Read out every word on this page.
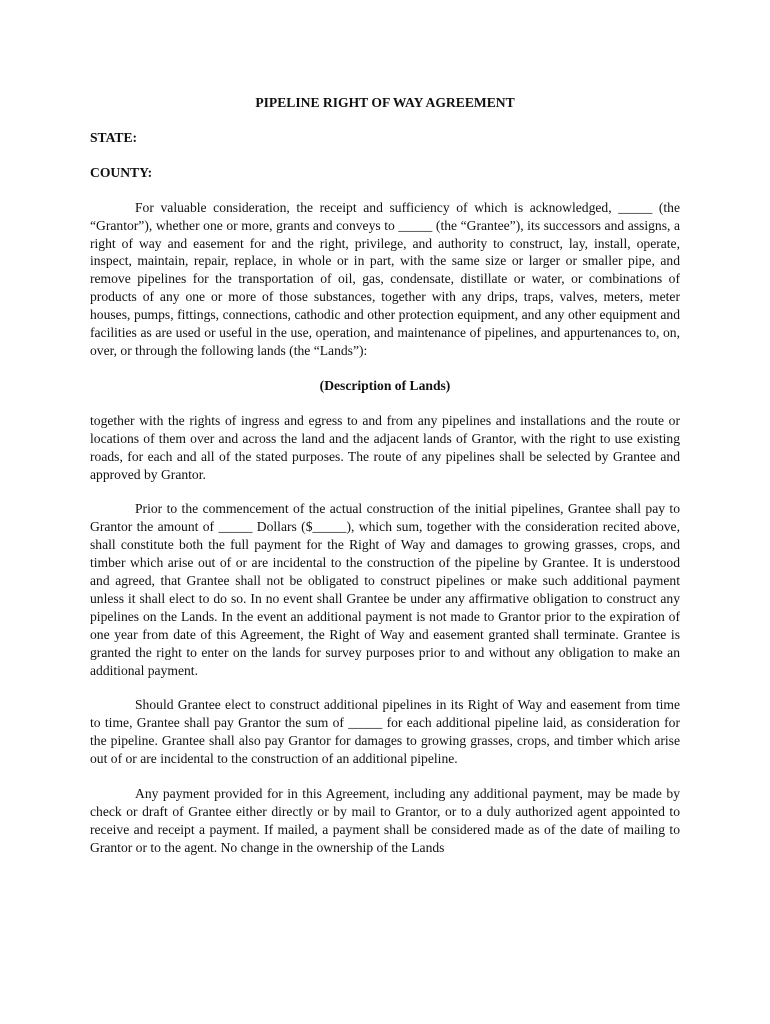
PIPELINE RIGHT OF WAY AGREEMENT
STATE:
COUNTY:

For valuable consideration, the receipt and sufficiency of which is acknowledged, _____ (the “Grantor”), whether one or more, grants and conveys to _____ (the “Grantee”), its successors and assigns, a right of way and easement for and the right, privilege, and authority to construct, lay, install, operate, inspect, maintain, repair, replace, in whole or in part, with the same size or larger or smaller pipe, and remove pipelines for the transportation of oil, gas, condensate, distillate or water, or combinations of products of any one or more of those substances, together with any drips, traps, valves, meters, meter houses, pumps, fittings, connections, cathodic and other protection equipment, and any other equipment and facilities as are used or useful in the use, operation, and maintenance of pipelines, and appurtenances to, on, over, or through the following lands (the “Lands”):

(Description of Lands)

together with the rights of ingress and egress to and from any pipelines and installations and the route or locations of them over and across the land and the adjacent lands of Grantor, with the right to use existing roads, for each and all of the stated purposes. The route of any pipelines shall be selected by Grantee and approved by Grantor.

Prior to the commencement of the actual construction of the initial pipelines, Grantee shall pay to Grantor the amount of _____ Dollars ($_____), which sum, together with the consideration recited above, shall constitute both the full payment for the Right of Way and damages to growing grasses, crops, and timber which arise out of or are incidental to the construction of the pipeline by Grantee. It is understood and agreed, that Grantee shall not be obligated to construct pipelines or make such additional payment unless it shall elect to do so. In no event shall Grantee be under any affirmative obligation to construct any pipelines on the Lands. In the event an additional payment is not made to Grantor prior to the expiration of one year from date of this Agreement, the Right of Way and easement granted shall terminate. Grantee is granted the right to enter on the lands for survey purposes prior to and without any obligation to make an additional payment.

Should Grantee elect to construct additional pipelines in its Right of Way and easement from time to time, Grantee shall pay Grantor the sum of _____ for each additional pipeline laid, as consideration for the pipeline. Grantee shall also pay Grantor for damages to growing grasses, crops, and timber which arise out of or are incidental to the construction of an additional pipeline.

Any payment provided for in this Agreement, including any additional payment, may be made by check or draft of Grantee either directly or by mail to Grantor, or to a duly authorized agent appointed to receive and receipt a payment. If mailed, a payment shall be considered made as of the date of mailing to Grantor or to the agent. No change in the ownership of the Lands
